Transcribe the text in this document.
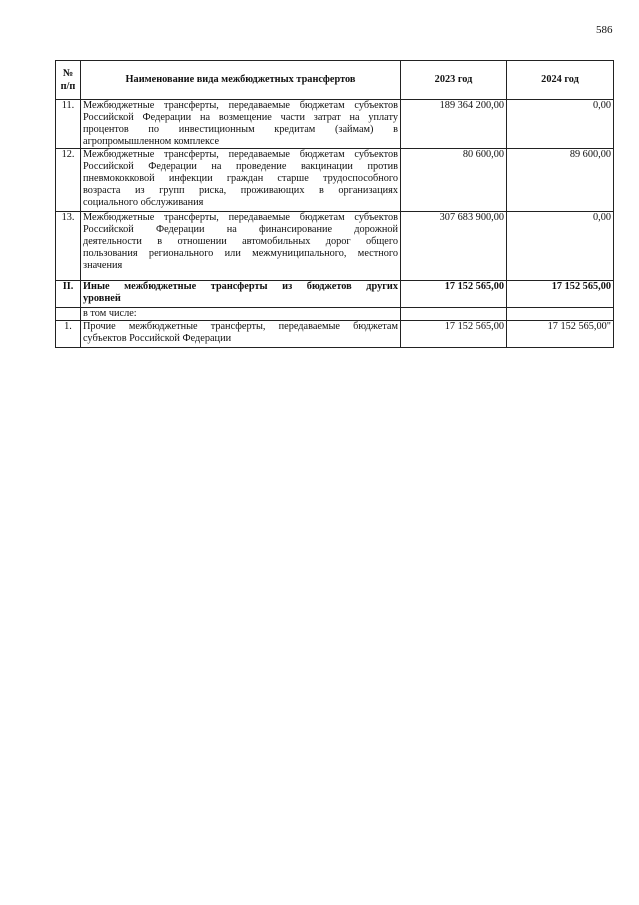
586
№
п/п	Наименование вида межбюджетных трансфертов	2023 год	2024 год
11.	Межбюджетные трансферты, передаваемые бюджетам субъектов
Российской Федерации на возмещение части затрат на уплату
процентов по инвестиционным кредитам (займам) в
агропромышленном комплексе	189 364 200,00	0,00
12.	Межбюджетные трансферты, передаваемые бюджетам субъектов
Российской Федерации на проведение вакцинации против
пневмококковой инфекции граждан старше трудоспособного
возраста из групп риска, проживающих в организациях
социального обслуживания	80 600,00	89 600,00
13.	Межбюджетные трансферты, передаваемые бюджетам субъектов
Российской Федерации на финансирование дорожной
деятельности в отношении автомобильных дорог общего
пользования регионального или межмуниципального, местного
значения	307 683 900,00	0,00
II.	Иные межбюджетные трансферты из бюджетов других
уровней	17 152 565,00	17 152 565,00

	в том числе:		

1.	Прочие межбюджетные трансферты, передаваемые бюджетам
субъектов Российской Федерации	17 152 565,00	17 152 565,00"
